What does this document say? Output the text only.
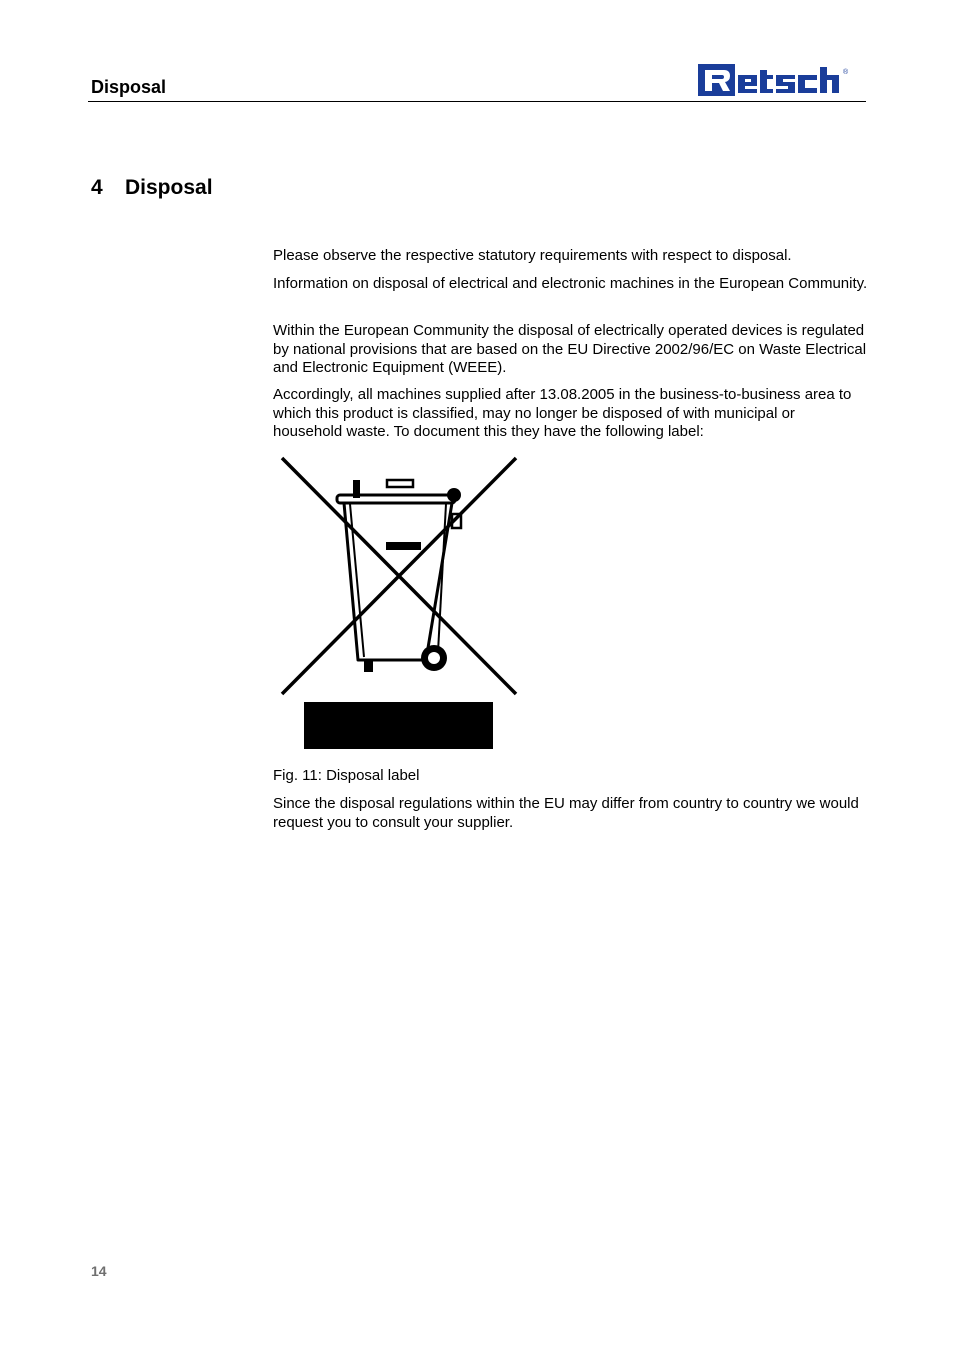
Disposal
®
4 Disposal

Please observe the respective statutory requirements with respect to disposal.

Information on disposal of electrical and electronic machines in the European Community.

Within the European Community the disposal of electrically operated devices is regulated by national provisions that are based on the EU Directive 2002/96/EC on Waste Electrical and Electronic Equipment (WEEE).

Accordingly, all machines supplied after 13.08.2005 in the business-to-business area to which this product is classified, may no longer be disposed of with municipal or household waste. To document this they have the following label:

Fig. 11: Disposal label

Since the disposal regulations within the EU may differ from country to country we would request you to consult your supplier.

14
